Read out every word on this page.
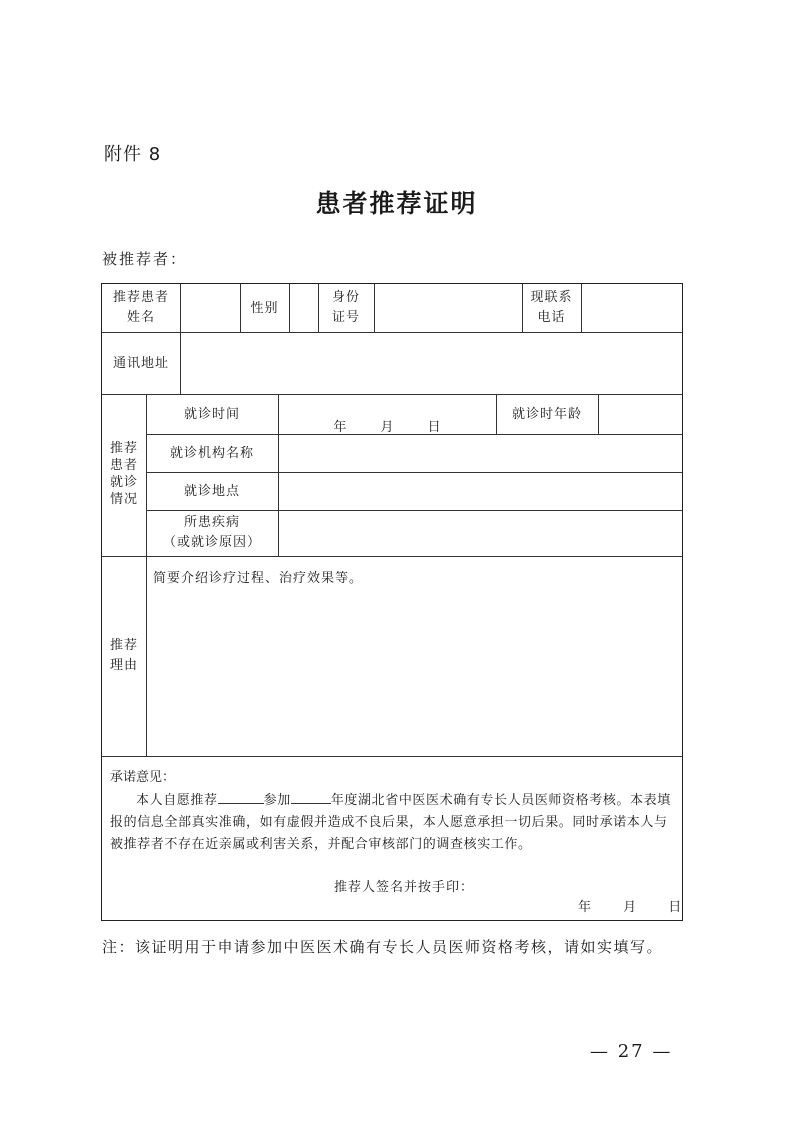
附件 8
患者推荐证明
被推荐者：
推荐患者
姓名
性别
身份
证号
现联系
电话
通讯地址
推荐
患者
就诊
情况
就诊时间
年 月 日
就诊时年龄
就诊机构名称
就诊地点
所患疾病
（或就诊原因）
推荐
理由
简要介绍诊疗过程、治疗效果等。
承诺意见：
本人自愿推荐	参加	年度湖北省中医医术确有专长人员医师资格考核。本表填报的信息全部真实准确，如有虚假并造成不良后果，本人愿意承担一切后果。同时承诺本人与被推荐者不存在近亲属或利害关系，并配合审核部门的调查核实工作。
推荐人签名并按手印：
年 月 日
注：该证明用于申请参加中医医术确有专长人员医师资格考核，请如实填写。
— 27 —
